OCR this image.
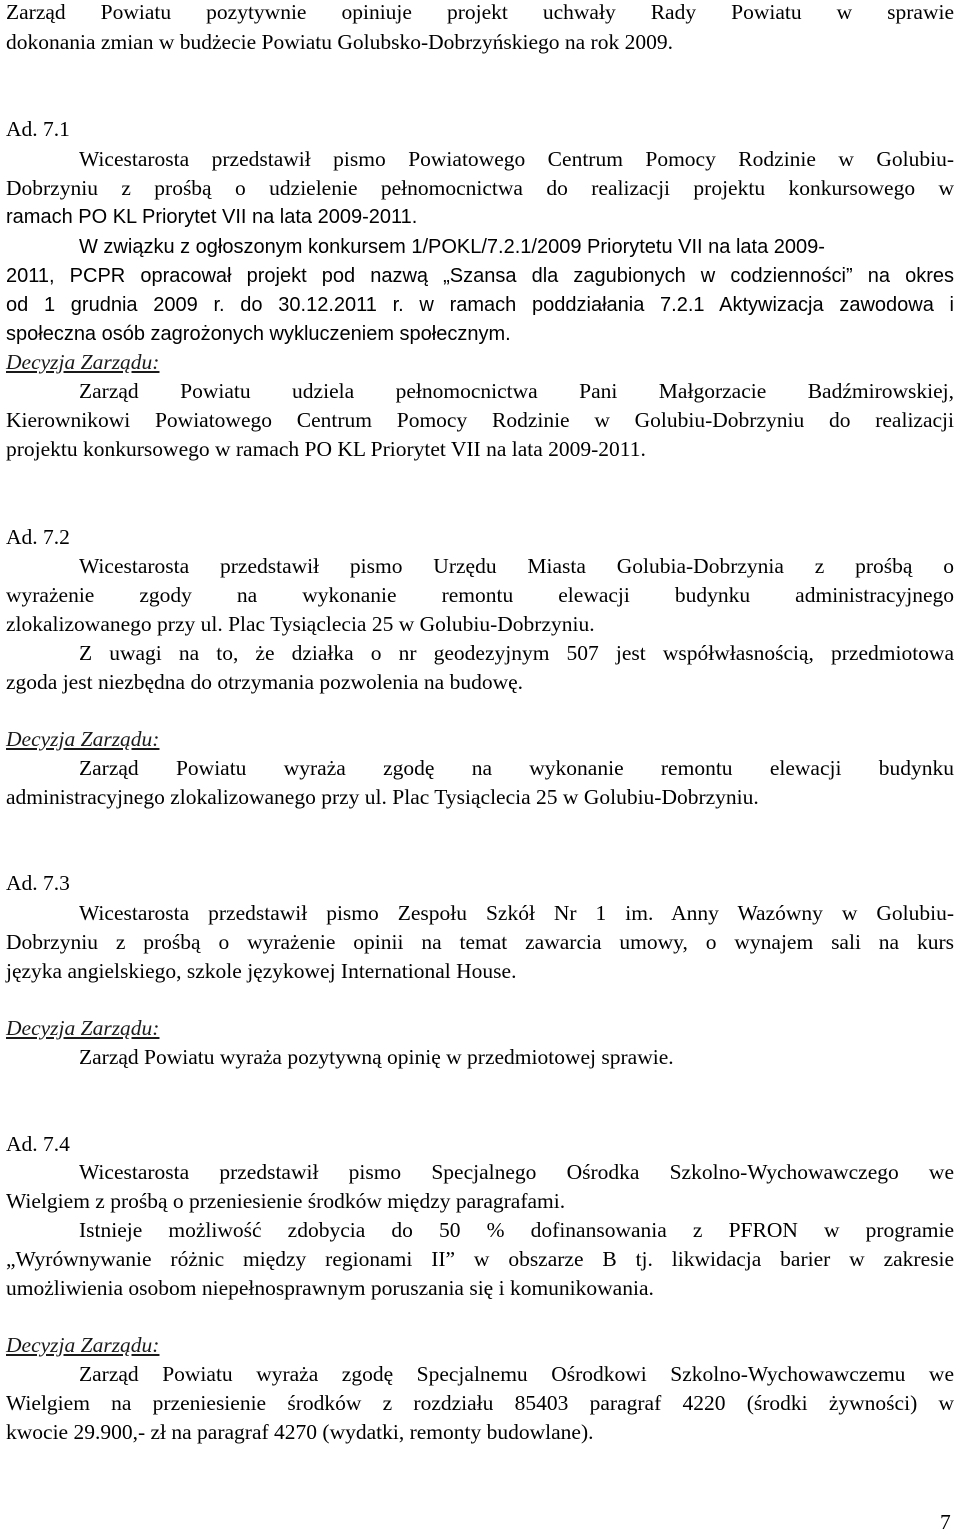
Zarząd Powiatu pozytywnie opiniuje projekt uchwały Rady Powiatu w sprawie
dokonania zmian w budżecie Powiatu Golubsko-Dobrzyńskiego na rok 2009.
Ad. 7.1
Wicestarosta przedstawił pismo Powiatowego Centrum Pomocy Rodzinie w Golubiu-
Dobrzyniu z prośbą o udzielenie pełnomocnictwa do realizacji projektu konkursowego w
ramach PO KL Priorytet VII na lata 2009-2011.
W związku z ogłoszonym konkursem 1/POKL/7.2.1/2009 Priorytetu VII na lata 2009-
2011, PCPR opracował projekt pod nazwą „Szansa dla zagubionych w codzienności” na okres
od 1 grudnia 2009 r. do 30.12.2011 r. w ramach poddziałania 7.2.1 Aktywizacja zawodowa i
społeczna osób zagrożonych wykluczeniem społecznym.
Decyzja Zarządu:
Zarząd Powiatu udziela pełnomocnictwa Pani Małgorzacie Badźmirowskiej,
Kierownikowi Powiatowego Centrum Pomocy Rodzinie w Golubiu-Dobrzyniu do realizacji
projektu konkursowego w ramach PO KL Priorytet VII na lata 2009-2011.
Ad. 7.2
Wicestarosta przedstawił pismo Urzędu Miasta Golubia-Dobrzynia z prośbą o
wyrażenie zgody na wykonanie remontu elewacji budynku administracyjnego
zlokalizowanego przy ul. Plac Tysiąclecia 25 w Golubiu-Dobrzyniu.
Z uwagi na to, że działka o nr geodezyjnym 507 jest współwłasnością, przedmiotowa
zgoda jest niezbędna do otrzymania pozwolenia na budowę.
Decyzja Zarządu:
Zarząd Powiatu wyraża zgodę na wykonanie remontu elewacji budynku
administracyjnego zlokalizowanego przy ul. Plac Tysiąclecia 25 w Golubiu-Dobrzyniu.
Ad. 7.3
Wicestarosta przedstawił pismo Zespołu Szkół Nr 1 im. Anny Wazówny w Golubiu-
Dobrzyniu z prośbą o wyrażenie opinii na temat zawarcia umowy, o wynajem sali na kurs
języka angielskiego, szkole językowej International House.
Decyzja Zarządu:
Zarząd Powiatu wyraża pozytywną opinię w przedmiotowej sprawie.
Ad. 7.4
Wicestarosta przedstawił pismo Specjalnego Ośrodka Szkolno-Wychowawczego we
Wielgiem z prośbą o przeniesienie środków między paragrafami.
Istnieje możliwość zdobycia do 50 % dofinansowania z PFRON w programie
„Wyrównywanie różnic między regionami II” w obszarze B tj. likwidacja barier w zakresie
umożliwienia osobom niepełnosprawnym poruszania się i komunikowania.
Decyzja Zarządu:
Zarząd Powiatu wyraża zgodę Specjalnemu Ośrodkowi Szkolno-Wychowawczemu we
Wielgiem na przeniesienie środków z rozdziału 85403 paragraf 4220 (środki żywności) w
kwocie 29.900,- zł na paragraf 4270 (wydatki, remonty budowlane).
7
